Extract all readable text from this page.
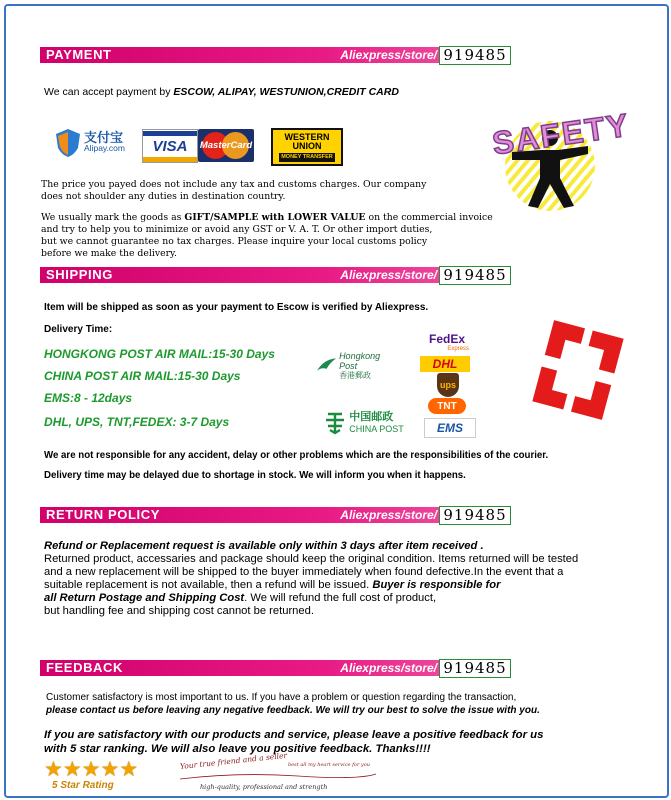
PAYMENT	Aliexpress/store/ 919485
We can accept payment by ESCOW, ALIPAY, WESTUNION,CREDIT CARD
支付宝
Alipay.com VISA MasterCard
WESTERN
UNION
MONEY TRANSFER	SAFETY
The price you payed does not include any tax and customs charges. Our company
does not shoulder any duties in destination country.
We usually mark the goods as GIFT/SAMPLE with LOWER VALUE on the commercial invoice
and try to help you to minimize or avoid any GST or V. A. T. Or other import duties,
but we cannot guarantee no tax charges. Please inquire your local customs policy
before we make the delivery.
SHIPPING	Aliexpress/store/ 919485
Item will be shipped as soon as your payment to Escow is verified by Aliexpress.
Delivery Time:
HONGKONG POST AIR MAIL:15-30 Days
CHINA POST AIR MAIL:15-30 Days
EMS:8 - 12days
DHL, UPS, TNT,FEDEX: 3-7 Days
Hongkong Post
香港郵政
中国邮政
CHINA POST
FedEx
Express
DHL
ups
TNT
EMS
We are not responsible for any accident, delay or other problems which are the responsibilities of the courier.
Delivery time may be delayed due to shortage in stock. We will inform you when it happens.
RETURN POLICY	Aliexpress/store/ 919485
Refund or Replacement request is available only within 3 days after item received .
Returned product, accessaries and package should keep the original condition. Items returned will be tested
and a new replacement will be shipped to the buyer immediately when found defective.In the event that a
suitable replacement is not available, then a refund will be issued. Buyer is responsible for
all Return Postage and Shipping Cost. We will refund the full cost of product,
but handling fee and shipping cost cannot be returned.
FEEDBACK	Aliexpress/store/ 919485
Customer satisfactory is most important to us. If you have a problem or question regarding the transaction,
please contact us before leaving any negative feedback. We will try our best to solve the issue with you.
If you are satisfactory with our products and service, please leave a positive feedback for us
with 5 star ranking. We will also leave you positive feedback. Thanks!!!!
★★★★★
5 Star Rating
Your true friend and a seller best all my heart service for you
high-quality, professional and strength
